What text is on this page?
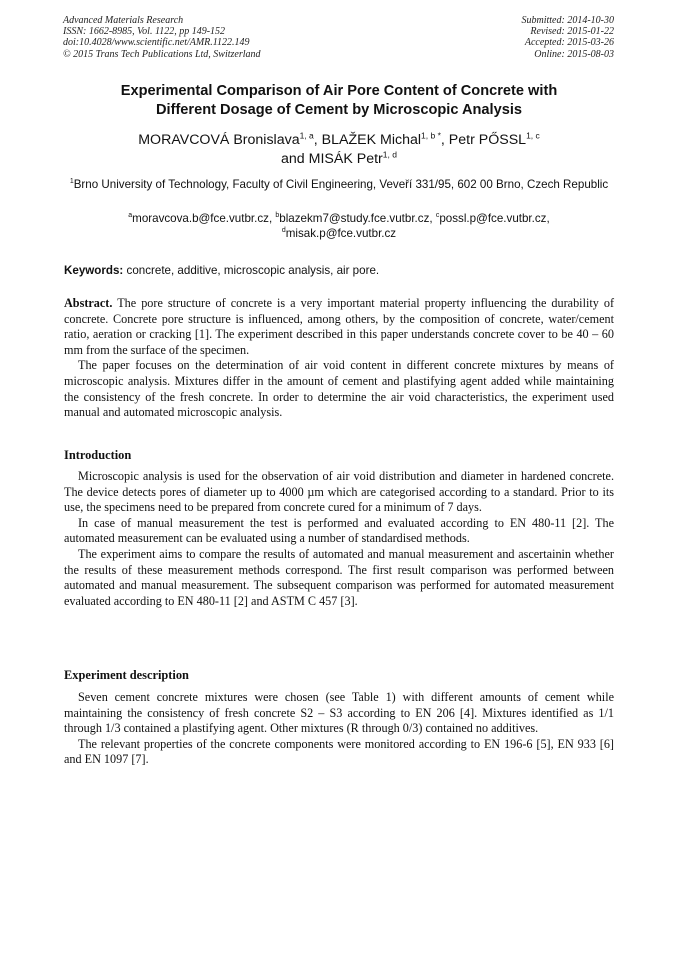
Advanced Materials Research
ISSN: 1662-8985, Vol. 1122, pp 149-152
doi:10.4028/www.scientific.net/AMR.1122.149
© 2015 Trans Tech Publications Ltd, Switzerland
Submitted: 2014-10-30
Revised: 2015-01-22
Accepted: 2015-03-26
Online: 2015-08-03
Experimental Comparison of Air Pore Content of Concrete with
Different Dosage of Cement by Microscopic Analysis
MORAVCOVÁ Bronislava$^{1, a}$, BLAŽEK Michal$^{1, b *}$, Petr PŐSSL$^{1, c}$
and MISÁK Petr$^{1, d}$
$^1$Brno University of Technology, Faculty of Civil Engineering, Veveří 331/95, 602 00 Brno, Czech Republic
$^a$moravcova.b@fce.vutbr.cz, $^b$blazekm7@study.fce.vutbr.cz, $^c$possl.p@fce.vutbr.cz,
$^d$misak.p@fce.vutbr.cz
Keywords: concrete, additive, microscopic analysis, air pore.

Abstract. The pore structure of concrete is a very important material property influencing the durability of concrete. Concrete pore structure is influenced, among others, by the composition of concrete, water/cement ratio, aeration or cracking [1]. The experiment described in this paper understands concrete cover to be 40 – 60 mm from the surface of the specimen.

The paper focuses on the determination of air void content in different concrete mixtures by means of microscopic analysis. Mixtures differ in the amount of cement and plastifying agent added while maintaining the consistency of the fresh concrete. In order to determine the air void characteristics, the experiment used manual and automated microscopic analysis.

Introduction

Microscopic analysis is used for the observation of air void distribution and diameter in hardened concrete. The device detects pores of diameter up to 4000 µm which are categorised according to a standard. Prior to its use, the specimens need to be prepared from concrete cured for a minimum of 7 days.

In case of manual measurement the test is performed and evaluated according to EN 480-11 [2]. The automated measurement can be evaluated using a number of standardised methods.

The experiment aims to compare the results of automated and manual measurement and ascertainin whether the results of these measurement methods correspond. The first result comparison was performed between automated and manual measurement. The subsequent comparison was performed for automated measurement evaluated according to EN 480-11 [2] and ASTM C 457 [3].

Experiment description

Seven cement concrete mixtures were chosen (see Table 1) with different amounts of cement while maintaining the consistency of fresh concrete S2 – S3 according to EN 206 [4]. Mixtures identified as 1/1 through 1/3 contained a plastifying agent. Other mixtures (R through 0/3) contained no additives.

The relevant properties of the concrete components were monitored according to EN 196-6 [5], EN 933 [6] and EN 1097 [7].
